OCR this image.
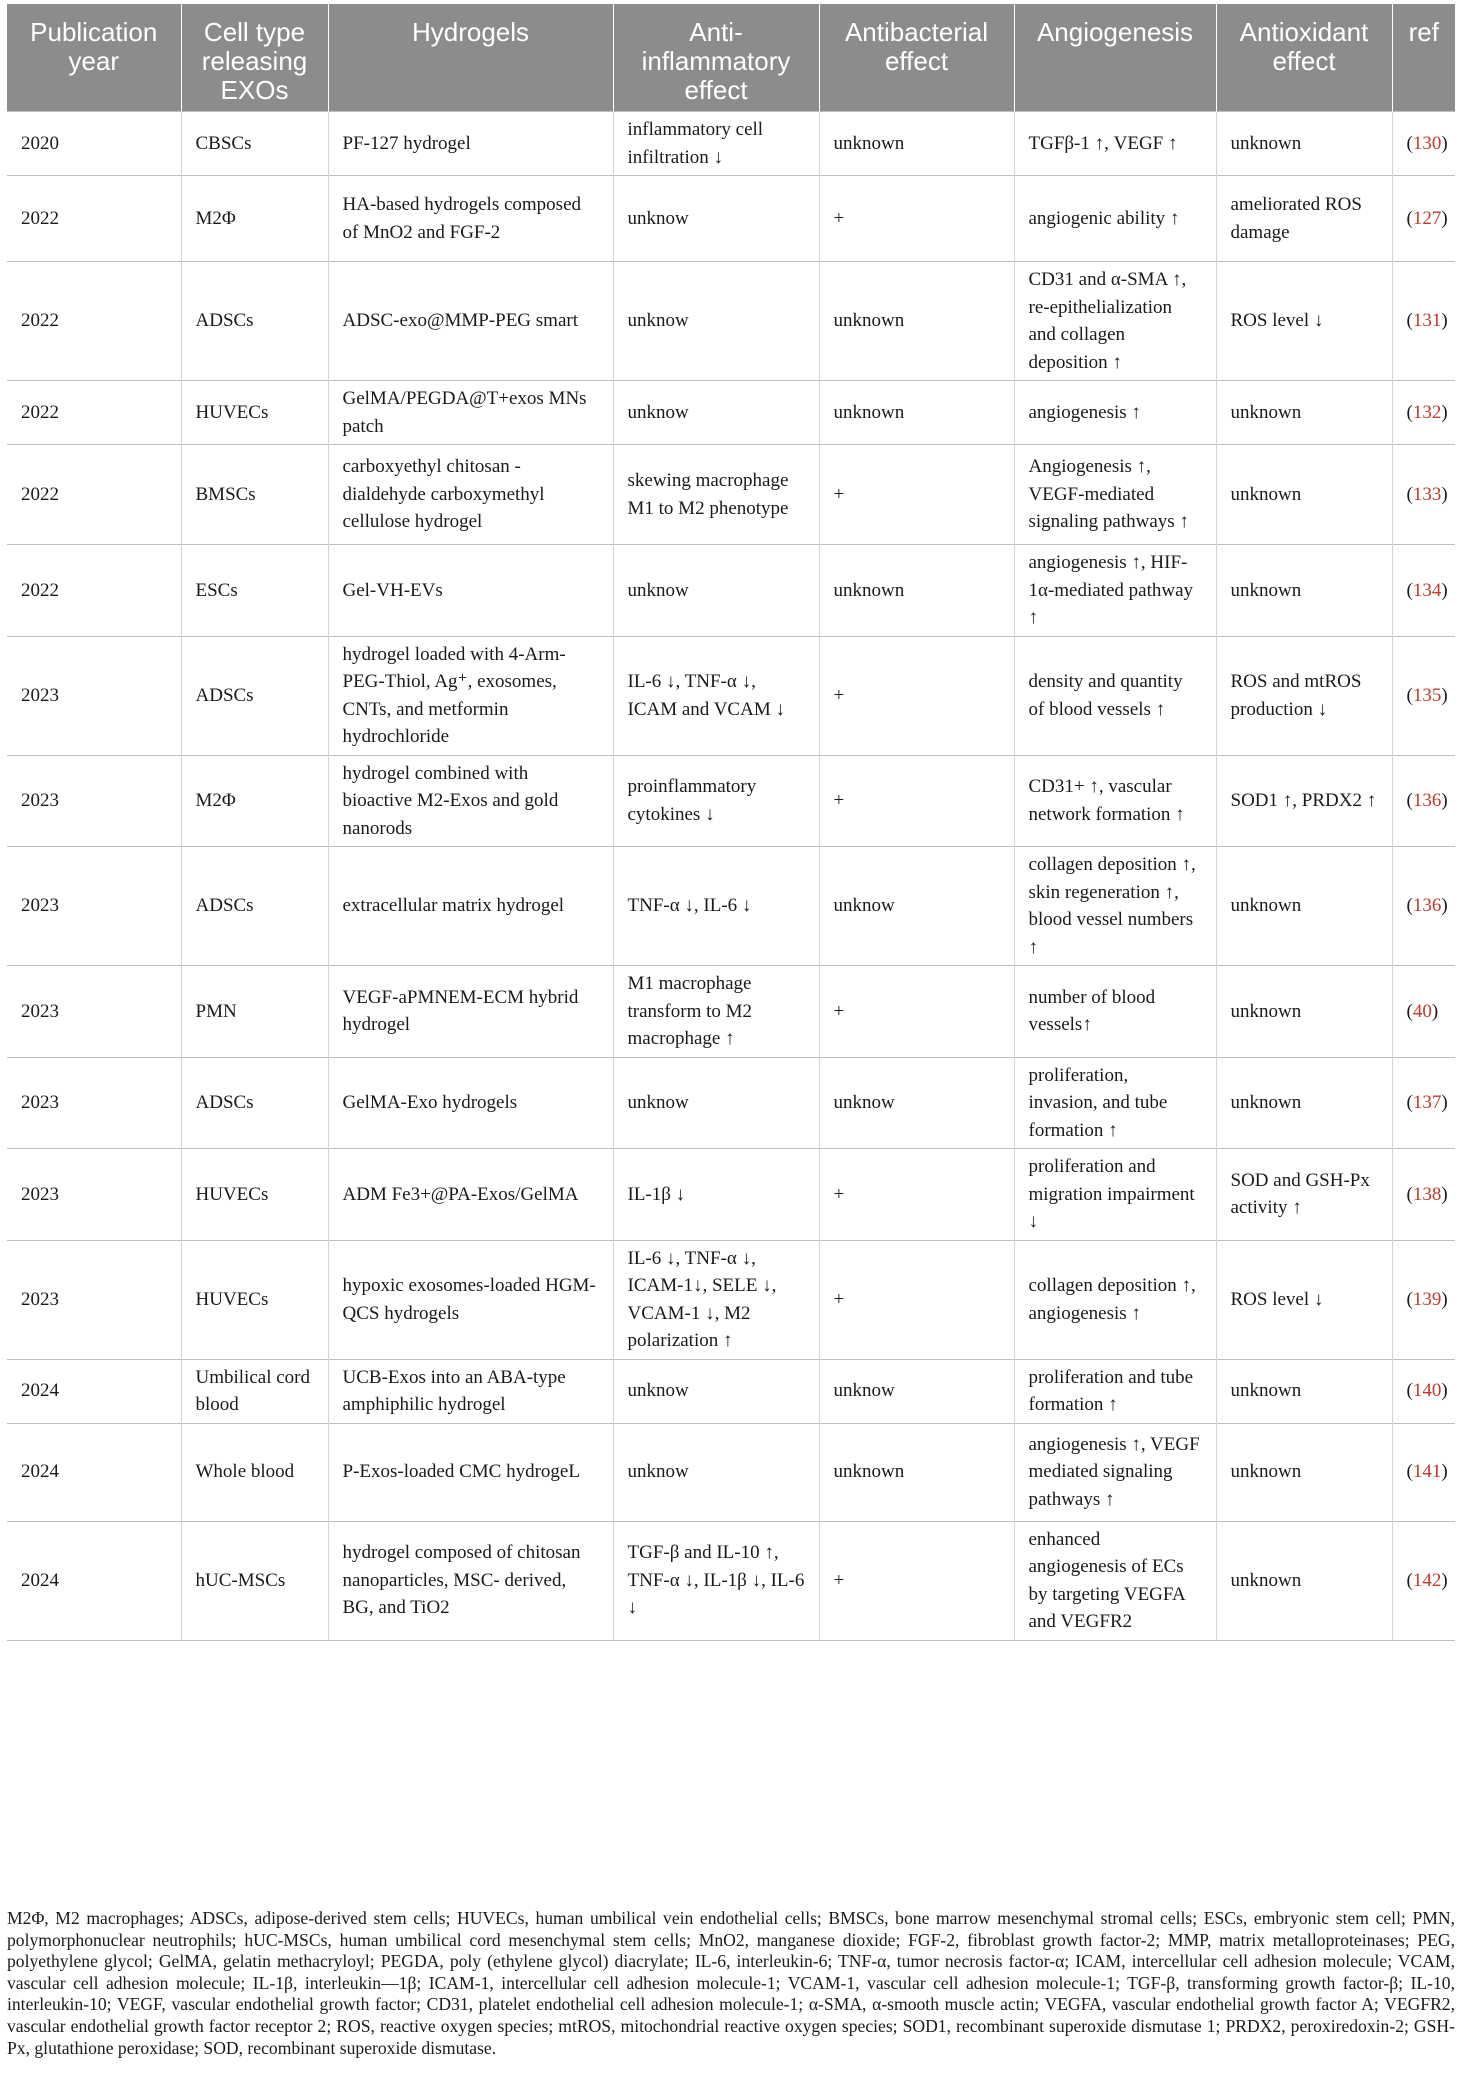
Publication year	Cell type releasing EXOs	Hydrogels	Anti-inflammatory effect	Antibacterial effect	Angiogenesis	Antioxidant effect	ref
2020	CBSCs	PF-127 hydrogel	inflammatory cell infiltration ↓	unknown	TGFβ-1 ↑, VEGF ↑	unknown	(130)
2022	M2Φ	HA-based hydrogels composed of MnO2 and FGF-2	unknow	+	angiogenic ability ↑	ameliorated ROS damage	(127)
2022	ADSCs	ADSC-exo@MMP-PEG smart	unknow	unknown	CD31 and α-SMA ↑, re-epithelialization and collagen deposition ↑	ROS level ↓	(131)
2022	HUVECs	GelMA/PEGDA@T+exos MNs patch	unknow	unknown	angiogenesis ↑	unknown	(132)
2022	BMSCs	carboxyethyl chitosan -dialdehyde carboxymethyl cellulose hydrogel	skewing macrophage M1 to M2 phenotype	+	Angiogenesis ↑, VEGF-mediated signaling pathways ↑	unknown	(133)
2022	ESCs	Gel-VH-EVs	unknow	unknown	angiogenesis ↑, HIF-1α-mediated pathway ↑	unknown	(134)
2023	ADSCs	hydrogel loaded with 4-Arm-PEG-Thiol, Ag⁺, exosomes, CNTs, and metformin hydrochloride	IL-6 ↓, TNF-α ↓, ICAM and VCAM ↓	+	density and quantity of blood vessels ↑	ROS and mtROS production ↓	(135)
2023	M2Φ	hydrogel combined with bioactive M2-Exos and gold nanorods	proinflammatory cytokines ↓	+	CD31+ ↑, vascular network formation ↑	SOD1 ↑, PRDX2 ↑	(136)
2023	ADSCs	extracellular matrix hydrogel	TNF-α ↓, IL-6 ↓	unknow	collagen deposition ↑, skin regeneration ↑, blood vessel numbers ↑	unknown	(136)
2023	PMN	VEGF-aPMNEM-ECM hybrid hydrogel	M1 macrophage transform to M2 macrophage ↑	+	number of blood vessels↑	unknown	(40)
2023	ADSCs	GelMA-Exo hydrogels	unknow	unknow	proliferation, invasion, and tube formation ↑	unknown	(137)
2023	HUVECs	ADM Fe3+@PA-Exos/GelMA	IL-1β ↓	+	proliferation and migration impairment ↓	SOD and GSH-Px activity ↑	(138)
2023	HUVECs	hypoxic exosomes-loaded HGM-QCS hydrogels	IL-6 ↓, TNF-α ↓, ICAM-1↓, SELE ↓, VCAM-1 ↓, M2 polarization ↑	+	collagen deposition ↑, angiogenesis ↑	ROS level ↓	(139)
2024	Umbilical cord blood	UCB-Exos into an ABA-type amphiphilic hydrogel	unknow	unknow	proliferation and tube formation ↑	unknown	(140)
2024	Whole blood	P-Exos-loaded CMC hydrogeL	unknow	unknown	angiogenesis ↑, VEGF mediated signaling pathways ↑	unknown	(141)
2024	hUC-MSCs	hydrogel composed of chitosan nanoparticles, MSC- derived, BG, and TiO2	TGF-β and IL-10 ↑, TNF-α ↓, IL-1β ↓, IL-6 ↓	+	enhanced angiogenesis of ECs by targeting VEGFA and VEGFR2	unknown	(142)
M2Φ, M2 macrophages; ADSCs, adipose-derived stem cells; HUVECs, human umbilical vein endothelial cells; BMSCs, bone marrow mesenchymal stromal cells; ESCs, embryonic stem cell; PMN, polymorphonuclear neutrophils; hUC-MSCs, human umbilical cord mesenchymal stem cells; MnO2, manganese dioxide; FGF-2, fibroblast growth factor-2; MMP, matrix metalloproteinases; PEG, polyethylene glycol; GelMA, gelatin methacryloyl; PEGDA, poly (ethylene glycol) diacrylate; IL-6, interleukin-6; TNF-α, tumor necrosis factor-α; ICAM, intercellular cell adhesion molecule; VCAM, vascular cell adhesion molecule; IL-1β, interleukin—1β; ICAM-1, intercellular cell adhesion molecule-1; VCAM-1, vascular cell adhesion molecule-1; TGF-β, transforming growth factor-β; IL-10, interleukin-10; VEGF, vascular endothelial growth factor; CD31, platelet endothelial cell adhesion molecule-1; α-SMA, α-smooth muscle actin; VEGFA, vascular endothelial growth factor A; VEGFR2, vascular endothelial growth factor receptor 2; ROS, reactive oxygen species; mtROS, mitochondrial reactive oxygen species; SOD1, recombinant superoxide dismutase 1; PRDX2, peroxiredoxin-2; GSH-Px, glutathione peroxidase; SOD, recombinant superoxide dismutase.
